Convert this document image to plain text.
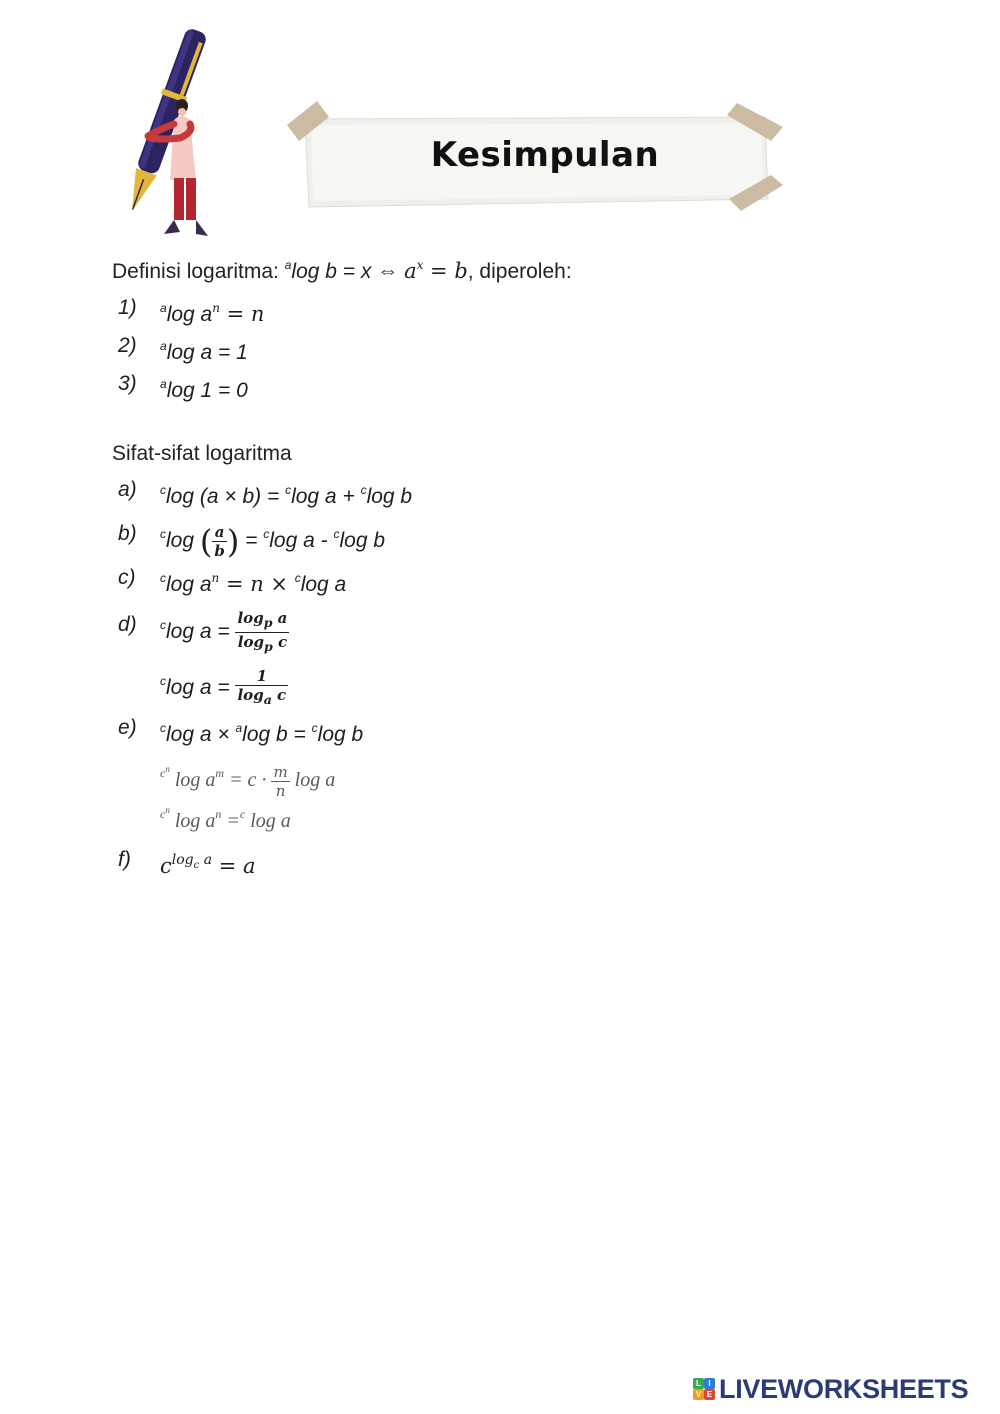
Kesimpulan
Definisi logaritma: $^a$log b = x ⇔ $a^x = b$, diperoleh:
1) $^a$log $a^n = n$
2) $^a$log a = 1
3) $^a$log 1 = 0
Sifat-sifat logaritma
a) $^c$log (a × b) = $^c$log a + $^c$log b
b) $^c$log ( $\frac{a}{b}$ ) = $^c$log a - $^c$log b
c) $^c$log $a^n = n \times ^c\log$ a
d) $^c$log $a = \frac{\log_p a}{\log_p c}$
$^c$log $a = \frac{1}{\log_a c}$
e) $^c$log a × $^a$log b = $^c$log b
$^{cn}$ $\log a^m = c \cdot \frac{m}{n}$ log a
$^{cn}$ $\log a^n =^c$ log a
f) $c^{log_c a} = a$
L I
V E LIVEWORKSHEETS
